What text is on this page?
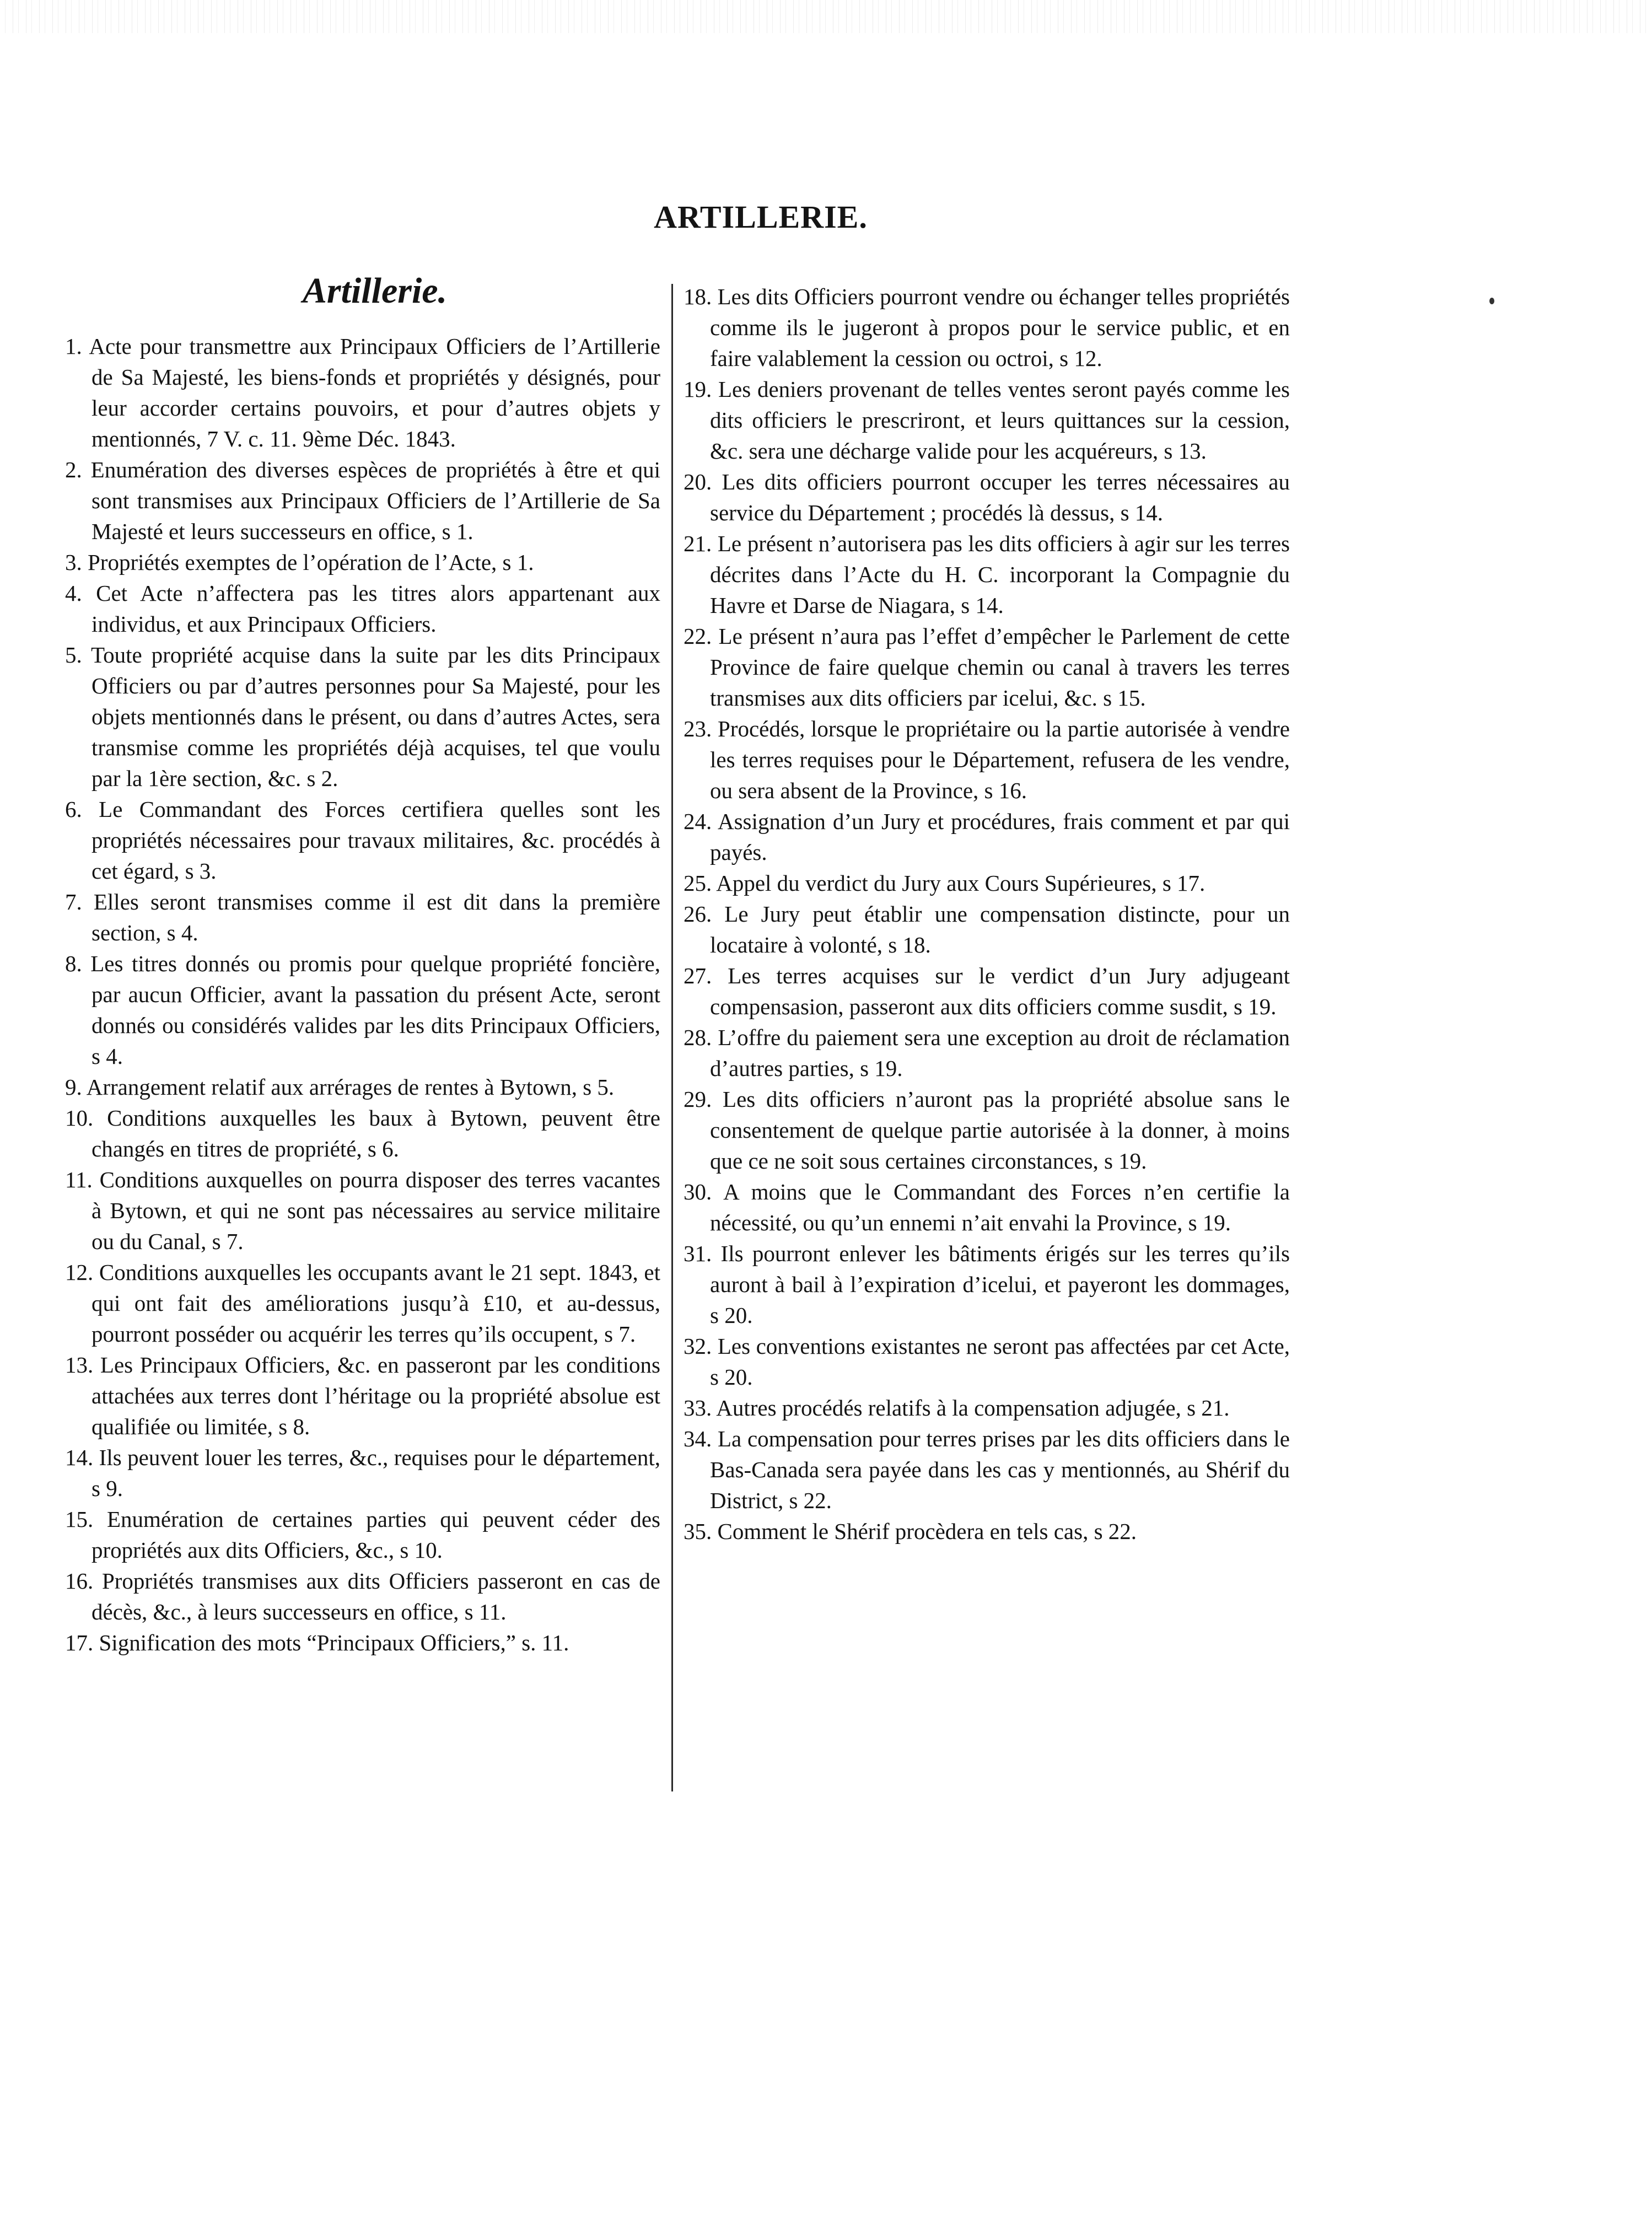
ARTILLERIE.
Artillerie.
1. Acte pour transmettre aux Principaux Officiers de l’Artillerie de Sa Majesté, les biens-fonds et propriétés y désignés, pour leur accorder certains pouvoirs, et pour d’autres objets y mentionnés, 7 V. c. 11. 9ème Déc. 1843.
2. Enumération des diverses espèces de propriétés à être et qui sont transmises aux Principaux Officiers de l’Artillerie de Sa Majesté et leurs successeurs en office, s 1.
3. Propriétés exemptes de l’opération de l’Acte, s 1.
4. Cet Acte n’affectera pas les titres alors appartenant aux individus, et aux Principaux Officiers.
5. Toute propriété acquise dans la suite par les dits Principaux Officiers ou par d’autres personnes pour Sa Majesté, pour les objets mentionnés dans le présent, ou dans d’autres Actes, sera transmise comme les propriétés déjà acquises, tel que voulu par la 1ère section, &c. s 2.
6. Le Commandant des Forces certifiera quelles sont les propriétés nécessaires pour travaux militaires, &c. procédés à cet égard, s 3.
7. Elles seront transmises comme il est dit dans la première section, s 4.
8. Les titres donnés ou promis pour quelque propriété foncière, par aucun Officier, avant la passation du présent Acte, seront donnés ou considérés valides par les dits Principaux Officiers, s 4.
9. Arrangement relatif aux arrérages de rentes à Bytown, s 5.
10. Conditions auxquelles les baux à Bytown, peuvent être changés en titres de propriété, s 6.
11. Conditions auxquelles on pourra disposer des terres vacantes à Bytown, et qui ne sont pas nécessaires au service militaire ou du Canal, s 7.
12. Conditions auxquelles les occupants avant le 21 sept. 1843, et qui ont fait des améliorations jusqu’à £10, et au-dessus, pourront posséder ou acquérir les terres qu’ils occupent, s 7.
13. Les Principaux Officiers, &c. en passeront par les conditions attachées aux terres dont l’héritage ou la propriété absolue est qualifiée ou limitée, s 8.
14. Ils peuvent louer les terres, &c., requises pour le département, s 9.
15. Enumération de certaines parties qui peuvent céder des propriétés aux dits Officiers, &c., s 10.
16. Propriétés transmises aux dits Officiers passeront en cas de décès, &c., à leurs successeurs en office, s 11.
17. Signification des mots “Principaux Officiers,” s. 11.
18. Les dits Officiers pourront vendre ou échanger telles propriétés comme ils le jugeront à propos pour le service public, et en faire valablement la cession ou octroi, s 12.
19. Les deniers provenant de telles ventes seront payés comme les dits officiers le prescriront, et leurs quittances sur la cession, &c. sera une décharge valide pour les acquéreurs, s 13.
20. Les dits officiers pourront occuper les terres nécessaires au service du Département ; procédés là dessus, s 14.
21. Le présent n’autorisera pas les dits officiers à agir sur les terres décrites dans l’Acte du H. C. incorporant la Compagnie du Havre et Darse de Niagara, s 14.
22. Le présent n’aura pas l’effet d’empêcher le Parlement de cette Province de faire quelque chemin ou canal à travers les terres transmises aux dits officiers par icelui, &c. s 15.
23. Procédés, lorsque le propriétaire ou la partie autorisée à vendre les terres requises pour le Département, refusera de les vendre, ou sera absent de la Province, s 16.
24. Assignation d’un Jury et procédures, frais comment et par qui payés.
25. Appel du verdict du Jury aux Cours Supérieures, s 17.
26. Le Jury peut établir une compensation distincte, pour un locataire à volonté, s 18.
27. Les terres acquises sur le verdict d’un Jury adjugeant compensasion, passeront aux dits officiers comme susdit, s 19.
28. L’offre du paiement sera une exception au droit de réclamation d’autres parties, s 19.
29. Les dits officiers n’auront pas la propriété absolue sans le consentement de quelque partie autorisée à la donner, à moins que ce ne soit sous certaines circonstances, s 19.
30. A moins que le Commandant des Forces n’en certifie la nécessité, ou qu’un ennemi n’ait envahi la Province, s 19.
31. Ils pourront enlever les bâtiments érigés sur les terres qu’ils auront à bail à l’expiration d’icelui, et payeront les dommages, s 20.
32. Les conventions existantes ne seront pas affectées par cet Acte, s 20.
33. Autres procédés relatifs à la compensation adjugée, s 21.
34. La compensation pour terres prises par les dits officiers dans le Bas-Canada sera payée dans les cas y mentionnés, au Shérif du District, s 22.
35. Comment le Shérif procèdera en tels cas, s 22.
